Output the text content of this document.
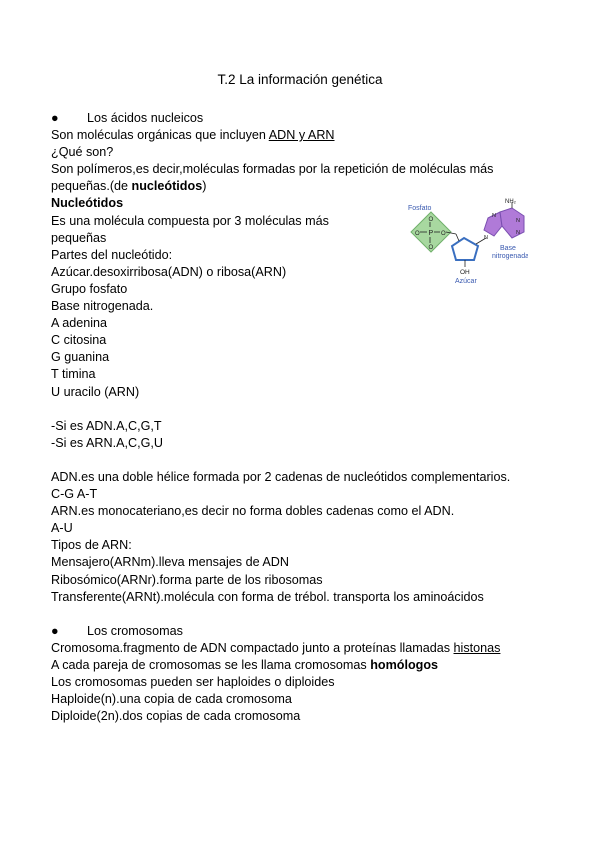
T.2 La información genética
● Los ácidos nucleicos
Son moléculas orgánicas que incluyen ADN y ARN
¿Qué son?
Son polímeros,es decir,moléculas formadas por la repetición de moléculas más
pequeñas.(de nucleótidos)
Nucleótidos
Es una molécula compuesta por 3 moléculas más
pequeñas
Partes del nucleótido:
Azúcar.desoxirribosa(ADN) o ribosa(ARN)
Grupo fosfato
Base nitrogenada.
A adenina
C citosina
G guanina
T timina
U uracilo (ARN)
-Si es ADN.A,C,G,T
-Si es ARN.A,C,G,U
ADN.es una doble hélice formada por 2 cadenas de nucleótidos complementarios.
C-G A-T
ARN.es monocateriano,es decir no forma dobles cadenas como el ADN.
A-U
Tipos de ARN:
Mensajero(ARNm).lleva mensajes de ADN
Ribosómico(ARNr).forma parte de los ribosomas
Transferente(ARNt).molécula con forma de trébol. transporta los aminoácidos
● Los cromosomas
Cromosoma.fragmento de ADN compactado junto a proteínas llamadas histonas
A cada pareja de cromosomas se les llama cromosomas homólogos
Los cromosomas pueden ser haploides o diploides
Haploide(n).una copia de cada cromosoma
Diploide(2n).dos copias de cada cromosoma
Fosfato
P
O
O
O	O
OH
Azúcar
N
N
N
N
NH₂
Base
nitrogenada
